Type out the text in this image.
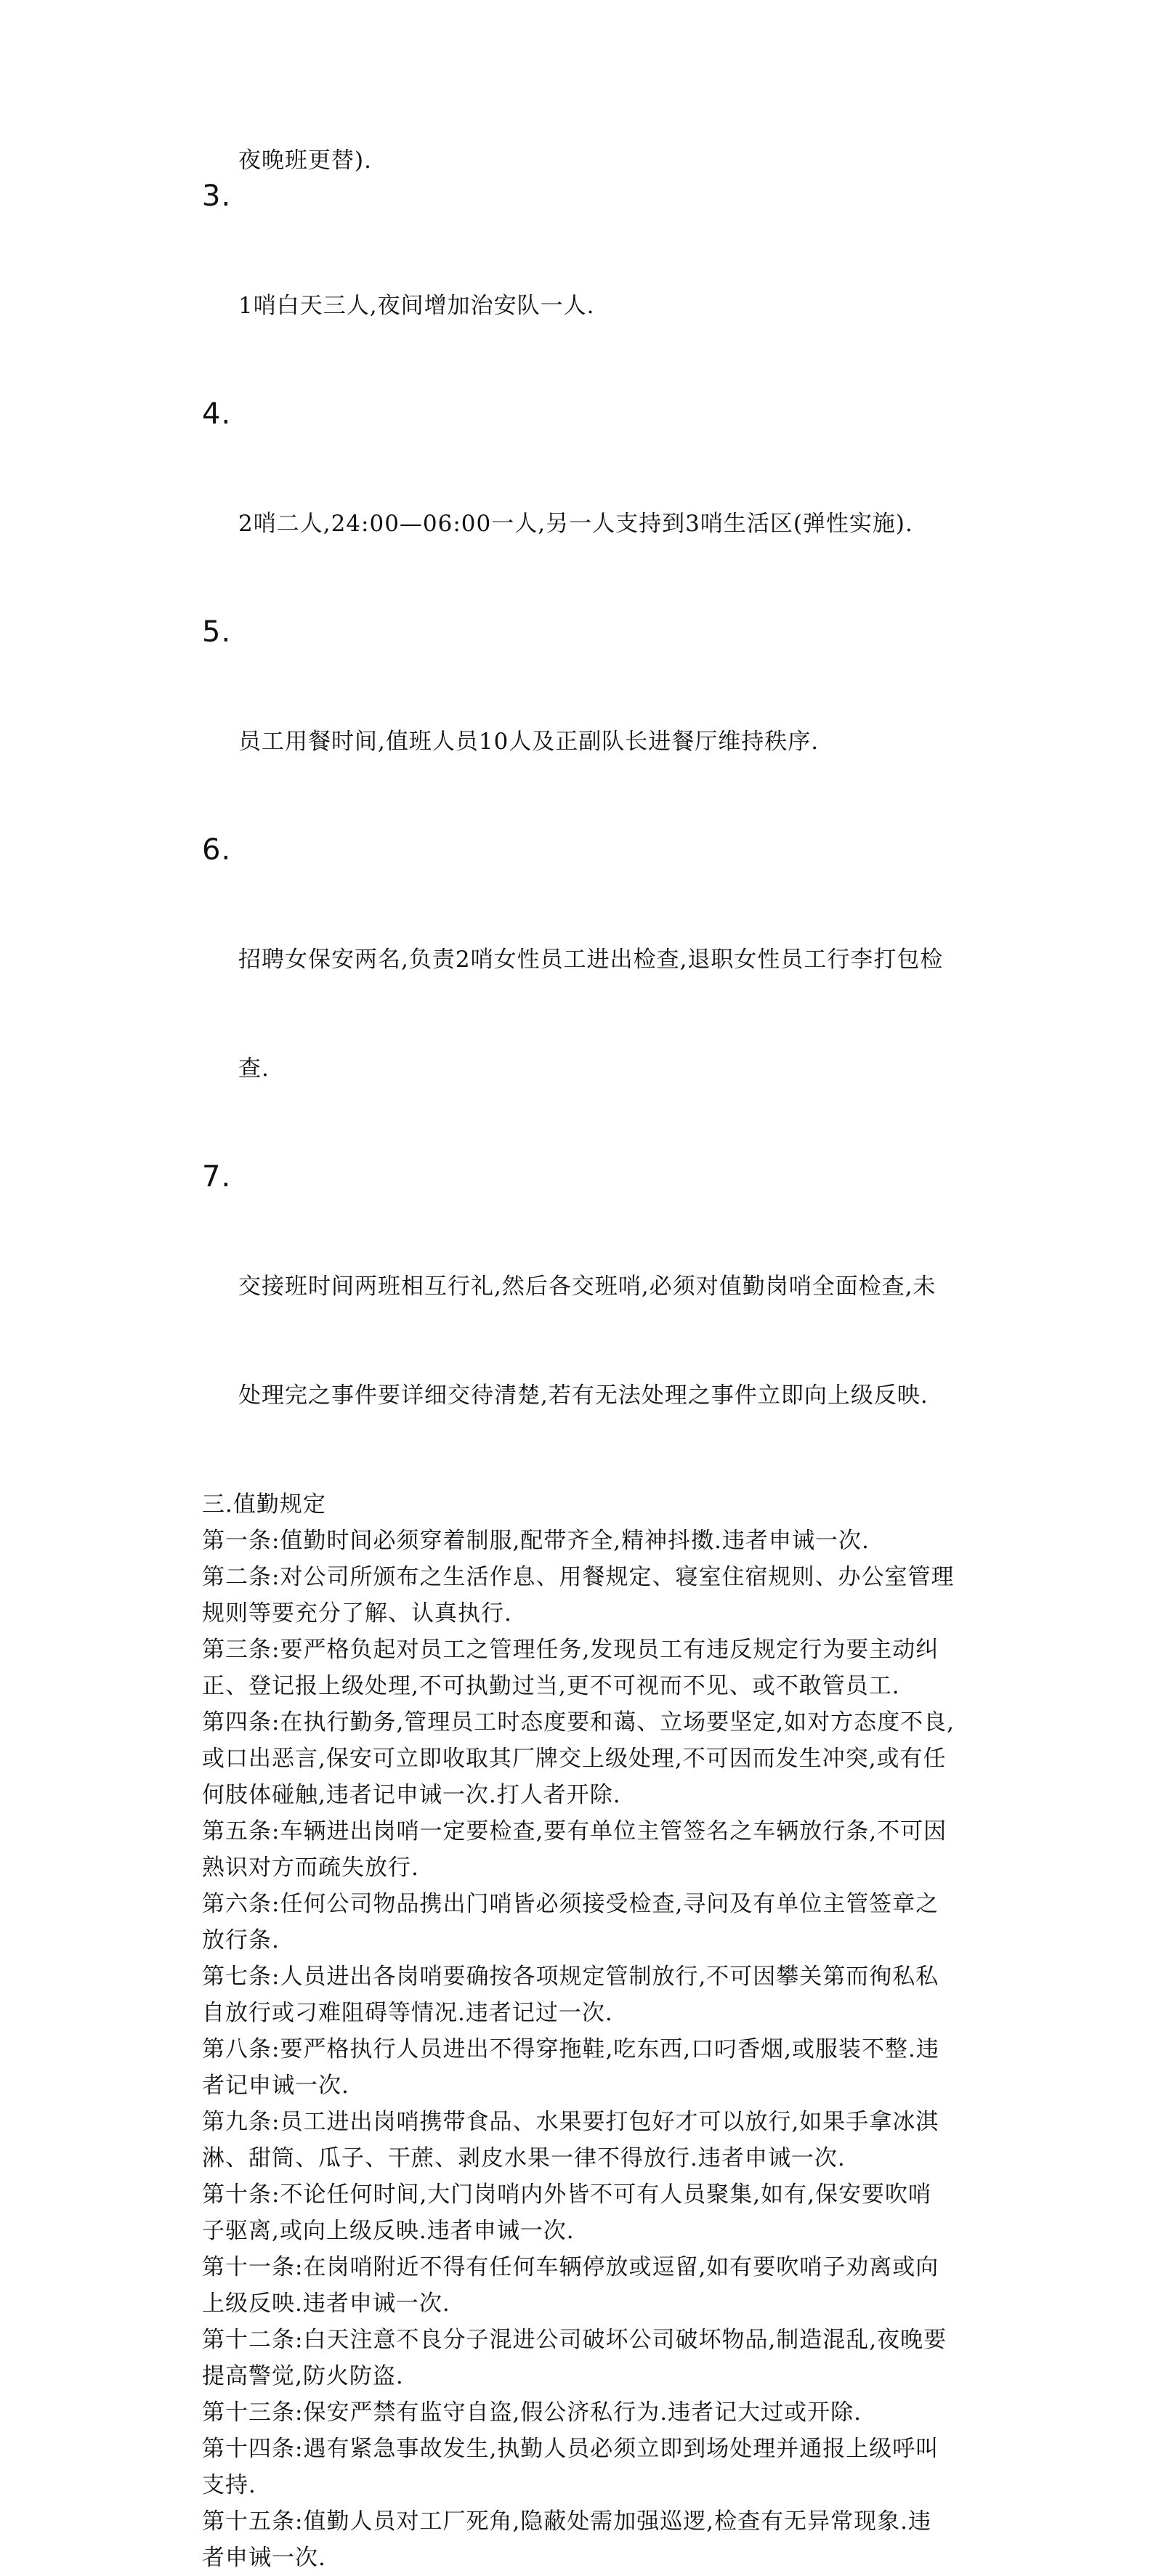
夜晚班更替).

3.

1哨白天三人,夜间增加治安队一人.

4.

2哨二人,24:00—06:00一人,另一人支持到3哨生活区(弹性实施).

5.

员工用餐时间,值班人员10人及正副队长进餐厅维持秩序.

6.

招聘女保安两名,负责2哨女性员工进出检查,退职女性员工行李打包检

查.

7.

交接班时间两班相互行礼,然后各交班哨,必须对值勤岗哨全面检查,未

处理完之事件要详细交待清楚,若有无法处理之事件立即向上级反映.

三.值勤规定
第一条:值勤时间必须穿着制服,配带齐全,精神抖擞.违者申诫一次.
第二条:对公司所颁布之生活作息、用餐规定、寝室住宿规则、办公室管理
规则等要充分了解、认真执行.
第三条:要严格负起对员工之管理任务,发现员工有违反规定行为要主动纠
正、登记报上级处理,不可执勤过当,更不可视而不见、或不敢管员工.
第四条:在执行勤务,管理员工时态度要和蔼、立场要坚定,如对方态度不良,
或口出恶言,保安可立即收取其厂牌交上级处理,不可因而发生冲突,或有任
何肢体碰触,违者记申诫一次.打人者开除.
第五条:车辆进出岗哨一定要检查,要有单位主管签名之车辆放行条,不可因
熟识对方而疏失放行.
第六条:任何公司物品携出门哨皆必须接受检查,寻问及有单位主管签章之
放行条.
第七条:人员进出各岗哨要确按各项规定管制放行,不可因攀关第而徇私私
自放行或刁难阻碍等情况.违者记过一次.
第八条:要严格执行人员进出不得穿拖鞋,吃东西,口叼香烟,或服装不整.违
者记申诫一次.
第九条:员工进出岗哨携带食品、水果要打包好才可以放行,如果手拿冰淇
淋、甜筒、瓜子、干蔗、剥皮水果一律不得放行.违者申诫一次.
第十条:不论任何时间,大门岗哨内外皆不可有人员聚集,如有,保安要吹哨
子驱离,或向上级反映.违者申诫一次.
第十一条:在岗哨附近不得有任何车辆停放或逗留,如有要吹哨子劝离或向
上级反映.违者申诫一次.
第十二条:白天注意不良分子混进公司破坏公司破坏物品,制造混乱,夜晚要
提高警觉,防火防盗.
第十三条:保安严禁有监守自盗,假公济私行为.违者记大过或开除.
第十四条:遇有紧急事故发生,执勤人员必须立即到场处理并通报上级呼叫
支持.
第十五条:值勤人员对工厂死角,隐蔽处需加强巡逻,检查有无异常现象.违
者申诫一次.
